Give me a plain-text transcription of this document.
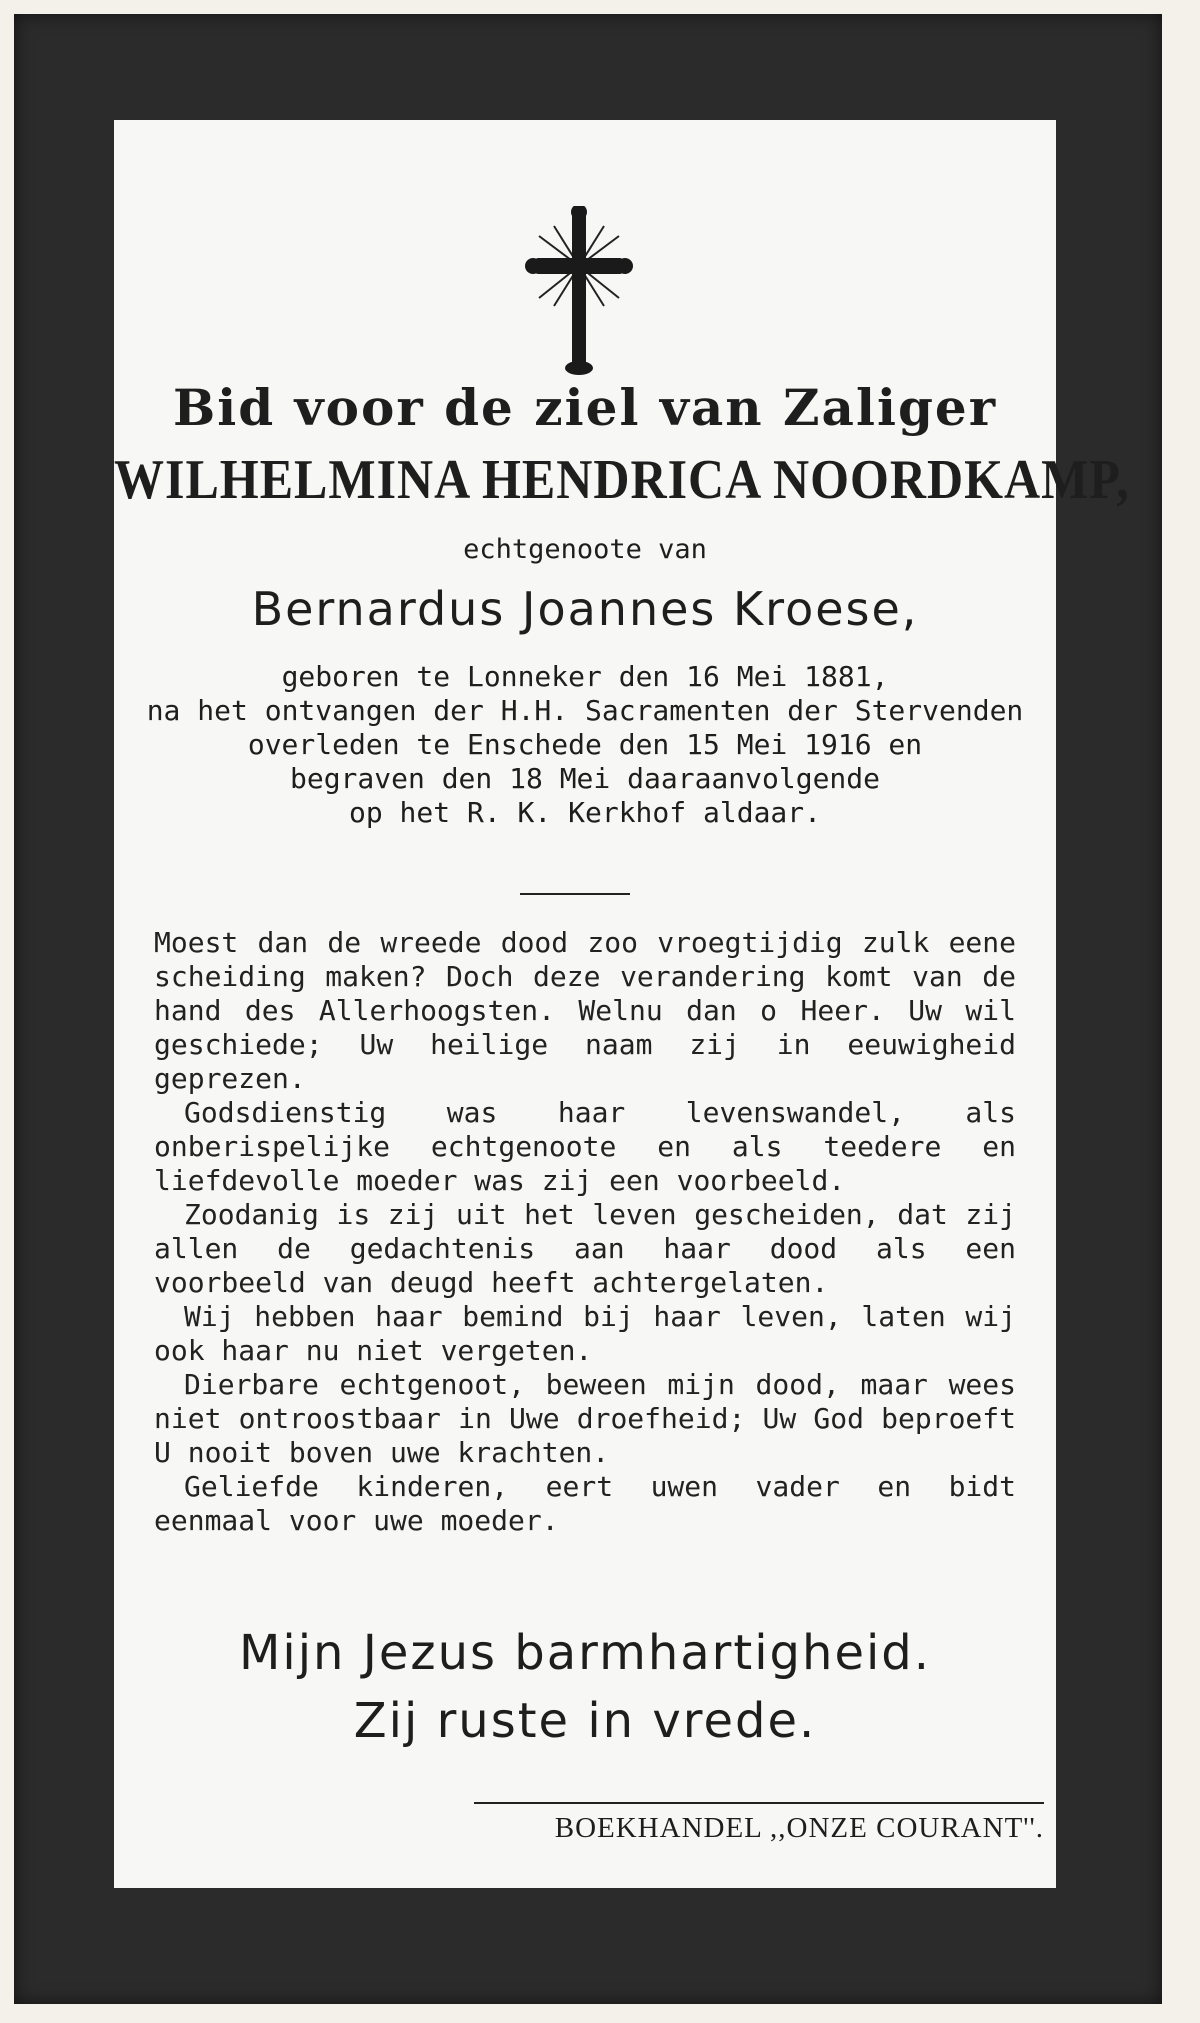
Bid voor de ziel van Zaliger
WILHELMINA HENDRICA NOORDKAMP,
echtgenoote van
Bernardus Joannes Kroese,
geboren te Lonneker den 16 Mei 1881,
na het ontvangen der H.H. Sacramenten der Stervenden
overleden te Enschede den 15 Mei 1916 en
begraven den 18 Mei daaraanvolgende
op het R. K. Kerkhof aldaar.

Moest dan de wreede dood zoo vroegtijdig zulk eene scheiding maken? Doch deze verandering komt van de hand des Allerhoogsten. Welnu dan o Heer. Uw wil geschiede; Uw heilige naam zij in eeuwigheid geprezen.

Godsdienstig was haar levenswandel, als onberispelijke echtgenoote en als teedere en liefdevolle moeder was zij een voorbeeld.

Zoodanig is zij uit het leven gescheiden, dat zij allen de gedachtenis aan haar dood als een voorbeeld van deugd heeft achtergelaten.

Wij hebben haar bemind bij haar leven, laten wij ook haar nu niet vergeten.

Dierbare echtgenoot, beween mijn dood, maar wees niet ontroostbaar in Uwe droefheid; Uw God beproeft U nooit boven uwe krachten.

Geliefde kinderen, eert uwen vader en bidt eenmaal voor uwe moeder.

Mijn Jezus barmhartigheid.
Zij ruste in vrede.
BOEKHANDEL ,,ONZE COURANT''.
